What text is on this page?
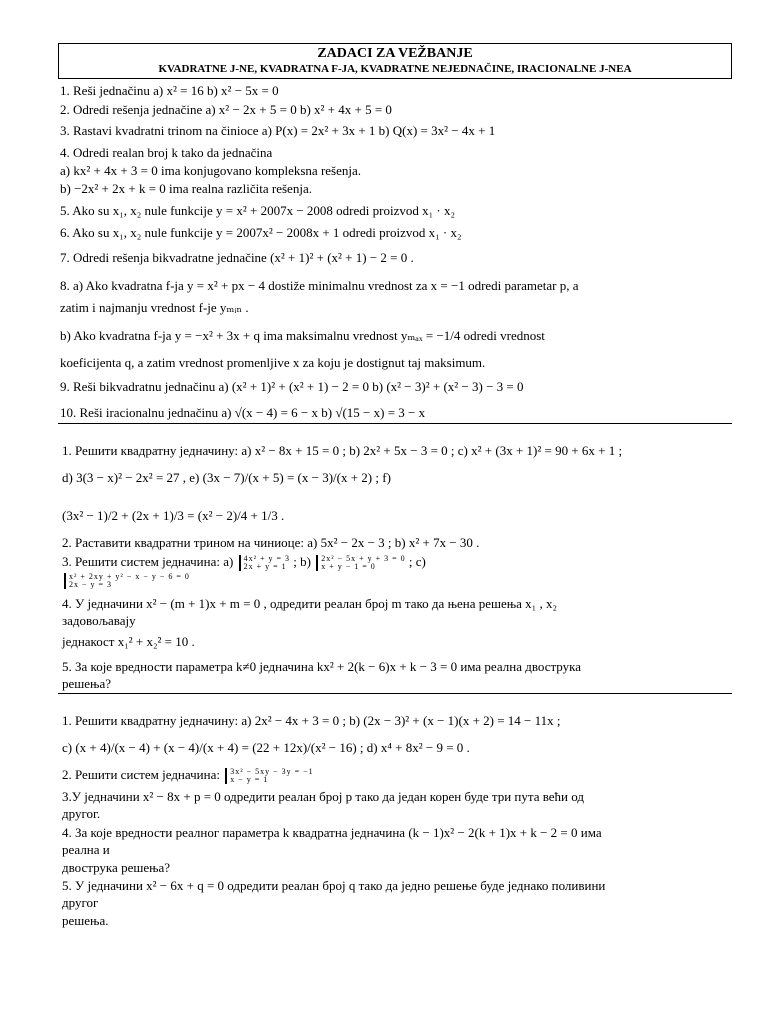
ZADACI ZA VEŽBANJE
KVADRATNE J-NE, KVADRATNA F-JA, KVADRATNE NEJEDNAČINE, IRACIONALNE J-NEA
1. Reši jednačinu a) x² = 16 b) x² − 5x = 0
2. Odredi rešenja jednačine a) x² − 2x + 5 = 0 b) x² + 4x + 5 = 0
3. Rastavi kvadratni trinom na činioce a) P(x) = 2x² + 3x + 1 b) Q(x) = 3x² − 4x + 1
4. Odredi realan broj k tako da jednačina
a) kx² + 4x + 3 = 0 ima konjugovano kompleksna rešenja.
b) −2x² + 2x + k = 0 ima realna različita rešenja.
5. Ako su x₁, x₂ nule funkcije y = x² + 2007x − 2008 odredi proizvod x₁ · x₂
6. Ako su x₁, x₂ nule funkcije y = 2007x² − 2008x + 1 odredi proizvod x₁ · x₂
7. Odredi rešenja bikvadratne jednačine (x² + 1)² + (x² + 1) − 2 = 0 .
8. a) Ako kvadratna f-ja y = x² + px − 4 dostiže minimalnu vrednost za x = −1 odredi parametar p, a
zatim i najmanju vrednost f-je yₘᵢₙ .
b) Ako kvadratna f-ja y = −x² + 3x + q ima maksimalnu vrednost yₘₐₓ = −1/4 odredi vrednost
koeficijenta q, a zatim vrednost promenljive x za koju je dostignut taj maksimum.
9. Reši bikvadratnu jednačinu a) (x² + 1)² + (x² + 1) − 2 = 0 b) (x² − 3)² + (x² − 3) − 3 = 0
10. Reši iracionalnu jednačinu a) √(x − 4) = 6 − x b) √(15 − x) = 3 − x
1. Решити квадратну једначину: a) x² − 8x + 15 = 0 ; b) 2x² + 5x − 3 = 0 ; c) x² + (3x + 1)² = 90 + 6x + 1 ;
d) 3(3 − x)² − 2x² = 27 , e) (3x − 7)/(x + 5) = (x − 3)/(x + 2) ; f)
(3x² − 1)/2 + (2x + 1)/3 = (x² − 2)/4 + 1/3 .
2. Раставити квадратни трином на чиниоце: a) 5x² − 2x − 3 ; b) x² + 7x − 30 .
3. Решити систем једначина: a) 4x² + y = 3
2x + y = 1 ; b) 2x² − 5x + y + 3 = 0
x + y − 1 = 0	; c)
x² + 2xy + y² − x − y − 6 = 0
2x − y = 3
4. У једначини x² − (m + 1)x + m = 0 , одредити реалан број m тако да њена решења x₁ , x₂
задовољавају
једнакост x₁² + x₂² = 10 .
5. За које вредности параметра k≠0 једначина kx² + 2(k − 6)x + k − 3 = 0 има реална двострука
решења?
1. Решити квадратну једначину: a) 2x² − 4x + 3 = 0 ; b) (2x − 3)² + (x − 1)(x + 2) = 14 − 11x ;
c) (x + 4)/(x − 4) + (x − 4)/(x + 4) = (22 + 12x)/(x² − 16) ; d) x⁴ + 8x² − 9 = 0 .
2. Решити систем једначина: 3x² − 5xy − 3y = −1
x − y = 1
3.У једначини x² − 8x + p = 0 одредити реалан број p тако да један корен буде три пута већи од
другог.
4. За које вредности реалног параметра k квадратна једначина (k − 1)x² − 2(k + 1)x + k − 2 = 0 има
реална и
двострука решења?
5. У једначини x² − 6x + q = 0 одредити реалан број q тако да једно решење буде једнако поливини
другог
решења.
